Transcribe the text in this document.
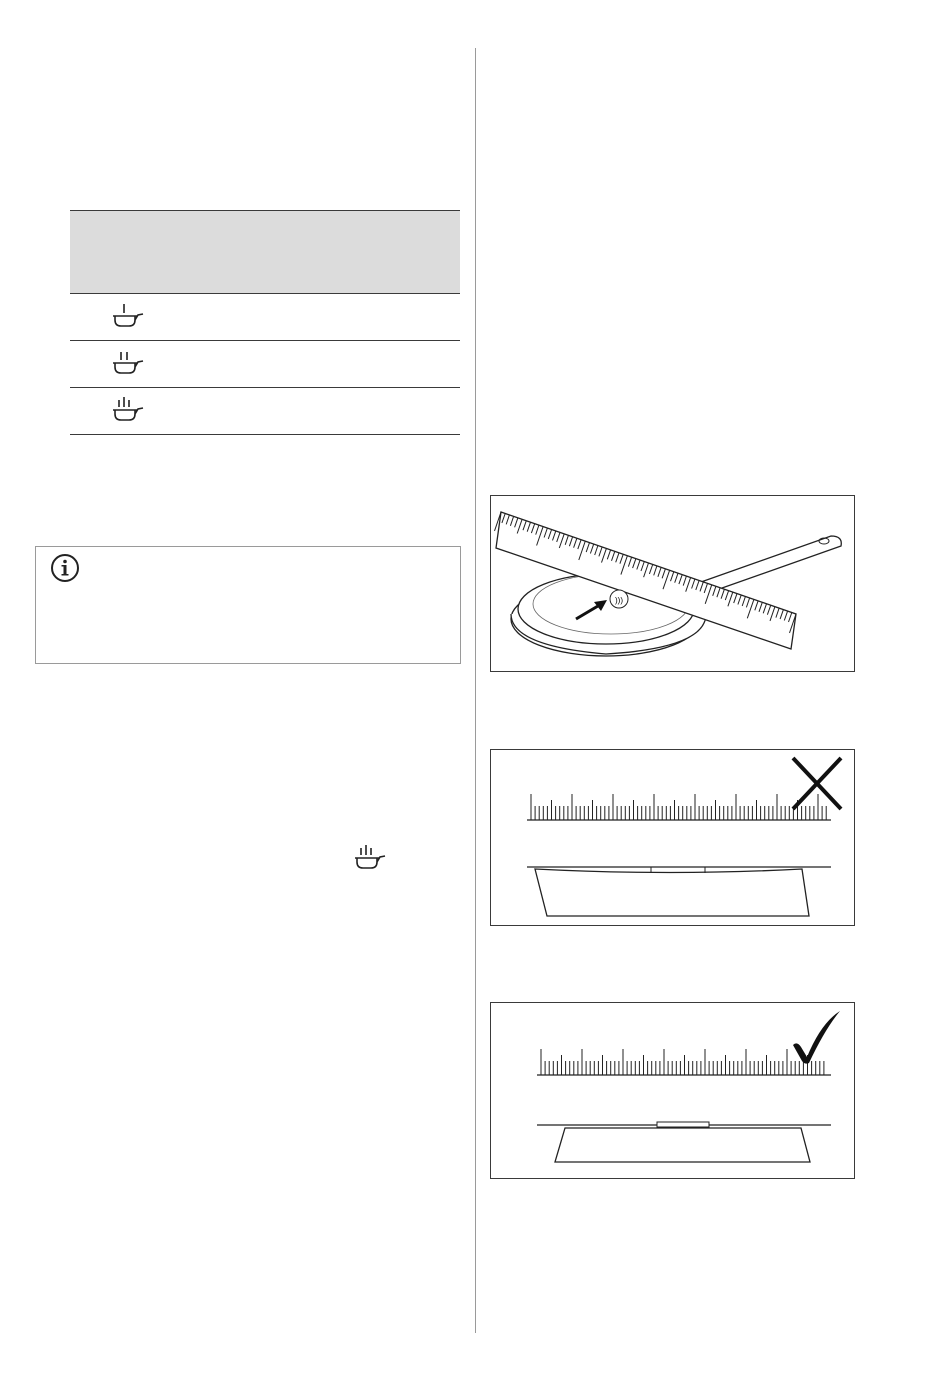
)))
